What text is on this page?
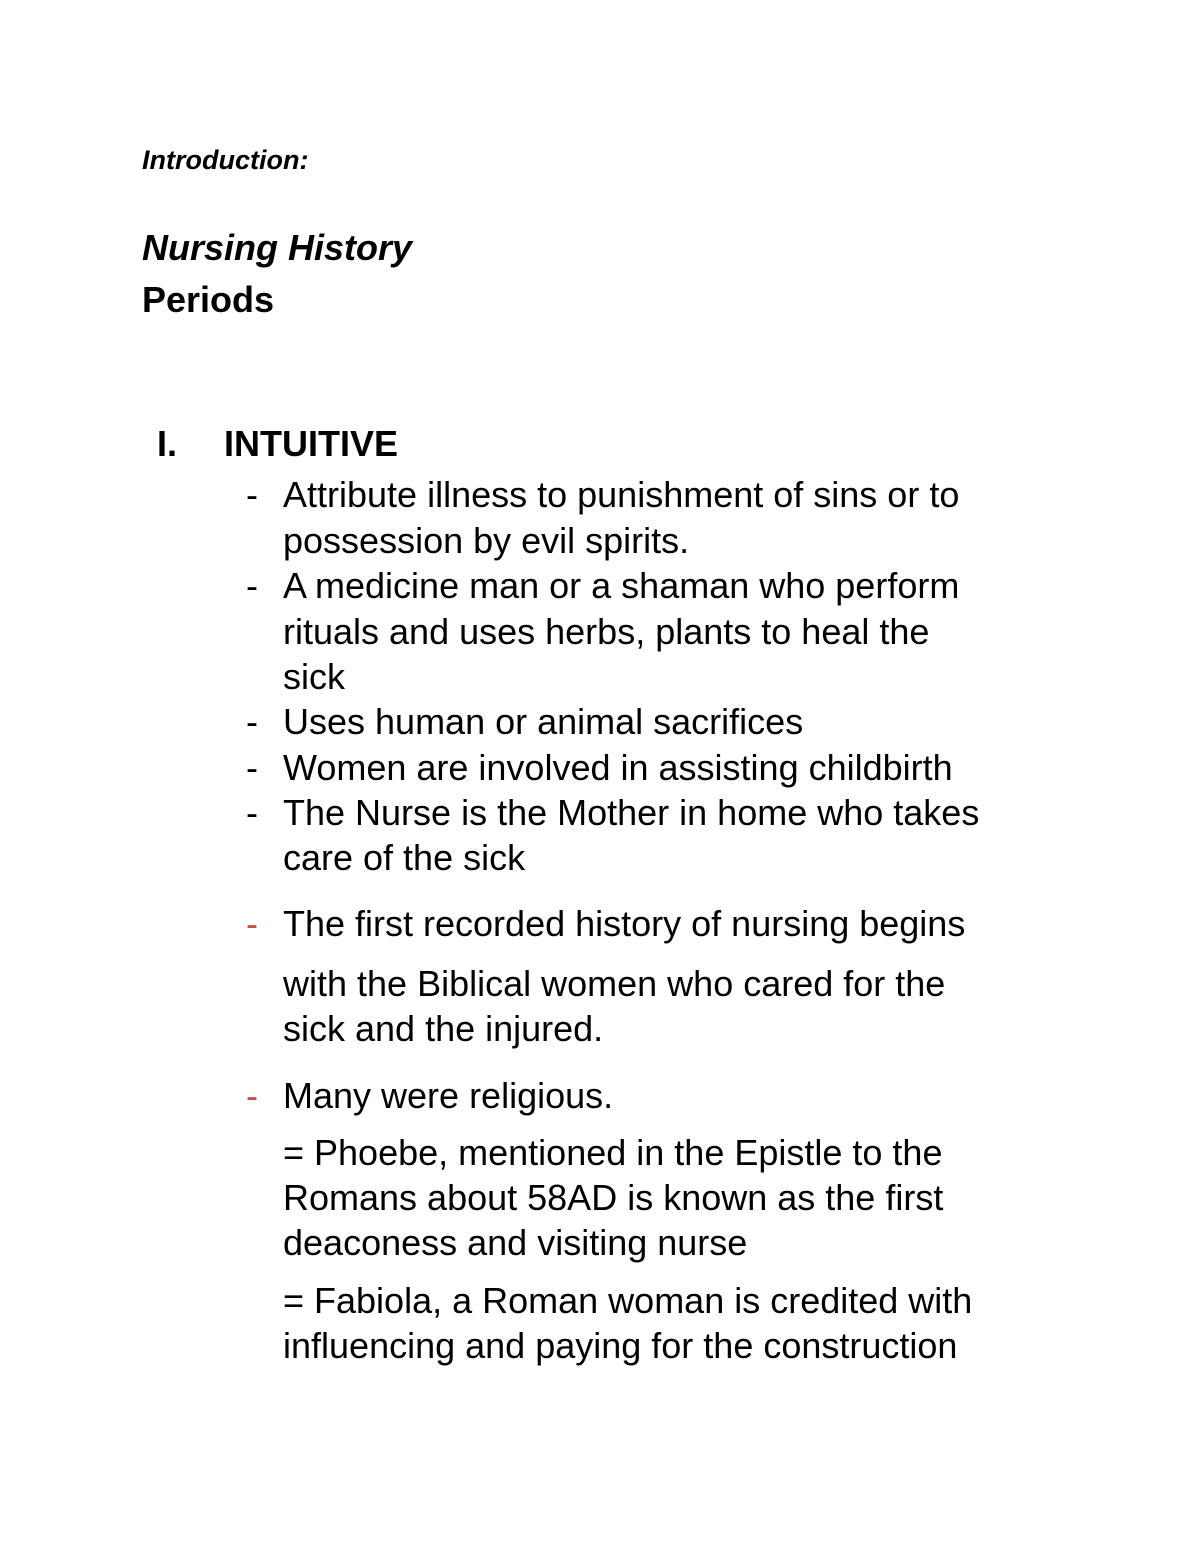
Introduction:
Nursing History
Periods
I. INTUITIVE
- Attribute illness to punishment of sins or to
possession by evil spirits.
- A medicine man or a shaman who perform
rituals and uses herbs, plants to heal the
sick
- Uses human or animal sacrifices
- Women are involved in assisting childbirth
- The Nurse is the Mother in home who takes
care of the sick
- The first recorded history of nursing begins
with the Biblical women who cared for the
sick and the injured.
- Many were religious.
= Phoebe, mentioned in the Epistle to the
Romans about 58AD is known as the first
deaconess and visiting nurse
= Fabiola, a Roman woman is credited with
influencing and paying for the construction
